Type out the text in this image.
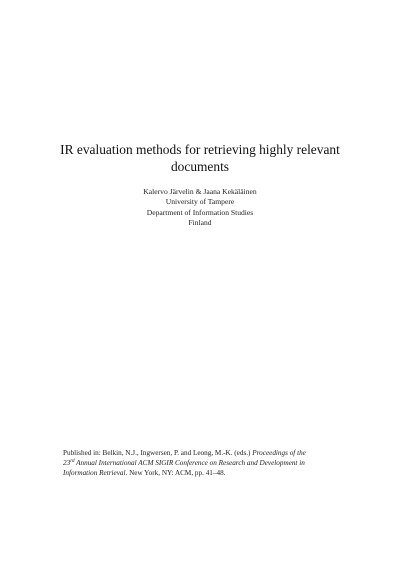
IR evaluation methods for retrieving highly relevant
documents
Kalervo Järvelin & Jaana Kekäläinen
University of Tampere
Department of Information Studies
Finland
Published in: Belkin, N.J., Ingwersen, P. and Leong, M.-K. (eds.) Proceedings of the
23rd Annual International ACM SIGIR Conference on Research and Development in
Information Retrieval. New York, NY: ACM, pp. 41–48.
